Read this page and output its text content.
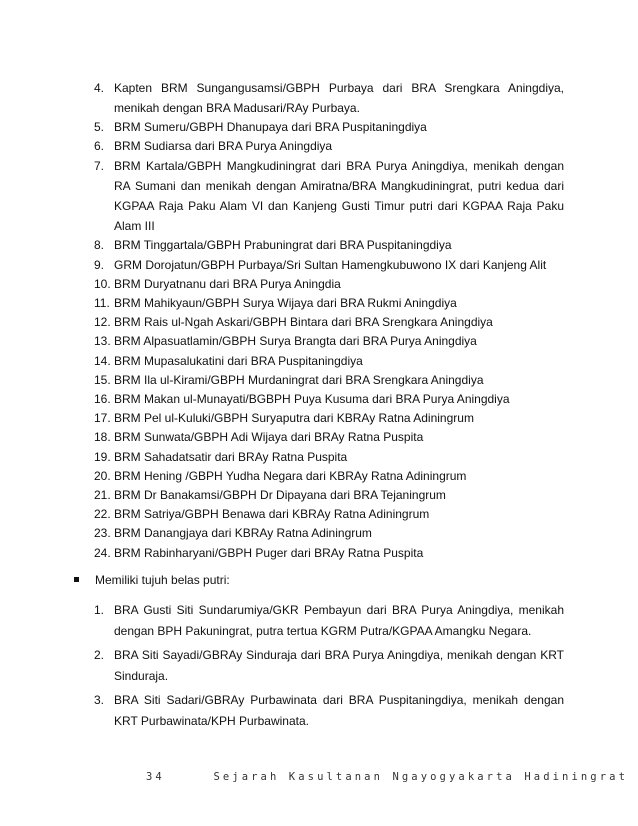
4. Kapten BRM Sungangusamsi/GBPH Purbaya dari BRA Srengkara Aningdiya, menikah dengan BRA Madusari/RAy Purbaya.
5. BRM Sumeru/GBPH Dhanupaya dari BRA Puspitaningdiya
6. BRM Sudiarsa dari BRA Purya Aningdiya
7. BRM Kartala/GBPH Mangkudiningrat dari BRA Purya Aningdiya, menikah dengan RA Sumani dan menikah dengan Amiratna/BRA Mangkudiningrat, putri kedua dari KGPAA Raja Paku Alam VI dan Kanjeng Gusti Timur putri dari KGPAA Raja Paku Alam III
8. BRM Tinggartala/GBPH Prabuningrat dari BRA Puspitaningdiya
9. GRM Dorojatun/GBPH Purbaya/Sri Sultan Hamengkubuwono IX dari Kanjeng Alit
10. BRM Duryatnanu dari BRA Purya Aningdia
11. BRM Mahikyaun/GBPH Surya Wijaya dari BRA Rukmi Aningdiya
12. BRM Rais ul-Ngah Askari/GBPH Bintara dari BRA Srengkara Aningdiya
13. BRM Alpasuatlamin/GBPH Surya Brangta dari BRA Purya Aningdiya
14. BRM Mupasalukatini dari BRA Puspitaningdiya
15. BRM Ila ul-Kirami/GBPH Murdaningrat dari BRA Srengkara Aningdiya
16. BRM Makan ul-Munayati/BGBPH Puya Kusuma dari BRA Purya Aningdiya
17. BRM Pel ul-Kuluki/GBPH Suryaputra dari KBRAy Ratna Adiningrum
18. BRM Sunwata/GBPH Adi Wijaya dari BRAy Ratna Puspita
19. BRM Sahadatsatir dari BRAy Ratna Puspita
20. BRM Hening /GBPH Yudha Negara dari KBRAy Ratna Adiningrum
21. BRM Dr Banakamsi/GBPH Dr Dipayana dari BRA Tejaningrum
22. BRM Satriya/GBPH Benawa dari KBRAy Ratna Adiningrum
23. BRM Danangjaya dari KBRAy Ratna Adiningrum
24. BRM Rabinharyani/GBPH Puger dari BRAy Ratna Puspita
Memiliki tujuh belas putri:
1. BRA Gusti Siti Sundarumiya/GKR Pembayun dari BRA Purya Aningdiya, menikah dengan BPH Pakuningrat, putra tertua KGRM Putra/KGPAA Amangku Negara.
2. BRA Siti Sayadi/GBRAy Sinduraja dari BRA Purya Aningdiya, menikah dengan KRT Sinduraja.
3. BRA Siti Sadari/GBRAy Purbawinata dari BRA Puspitaningdiya, menikah dengan KRT Purbawinata/KPH Purbawinata.
34	Sejarah Kasultanan Ngayogyakarta Hadiningrat
